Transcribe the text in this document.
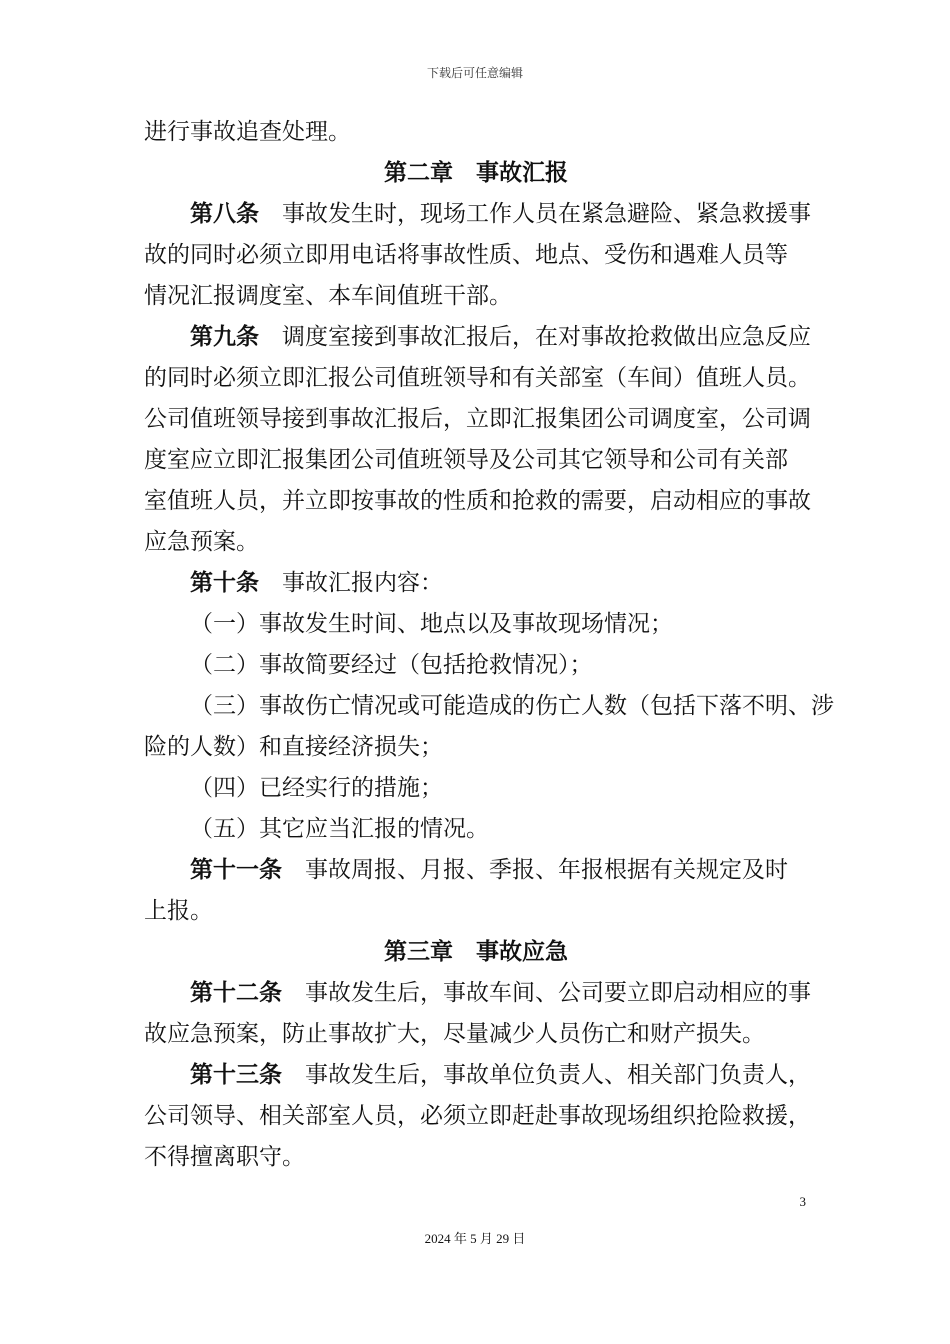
下载后可任意编辑
进行事故追查处理。
第二章　事故汇报
第八条 事故发生时，现场工作人员在紧急避险、紧急救援事
故的同时必须立即用电话将事故性质、地点、受伤和遇难人员等
情况汇报调度室、本车间值班干部。
第九条 调度室接到事故汇报后，在对事故抢救做出应急反应
的同时必须立即汇报公司值班领导和有关部室（车间）值班人员。
公司值班领导接到事故汇报后，立即汇报集团公司调度室，公司调
度室应立即汇报集团公司值班领导及公司其它领导和公司有关部
室值班人员，并立即按事故的性质和抢救的需要，启动相应的事故
应急预案。
第十条 事故汇报内容：
（一）事故发生时间、地点以及事故现场情况；
（二）事故简要经过（包括抢救情况）；
（三）事故伤亡情况或可能造成的伤亡人数（包括下落不明、涉
险的人数）和直接经济损失；
（四）已经实行的措施；
（五）其它应当汇报的情况。
第十一条 事故周报、月报、季报、年报根据有关规定及时
上报。
第三章　事故应急
第十二条 事故发生后，事故车间、公司要立即启动相应的事
故应急预案，防止事故扩大，尽量减少人员伤亡和财产损失。
第十三条 事故发生后，事故单位负责人、相关部门负责人，
公司领导、相关部室人员，必须立即赶赴事故现场组织抢险救援，
不得擅离职守。
3
2024 年 5 月 29 日
